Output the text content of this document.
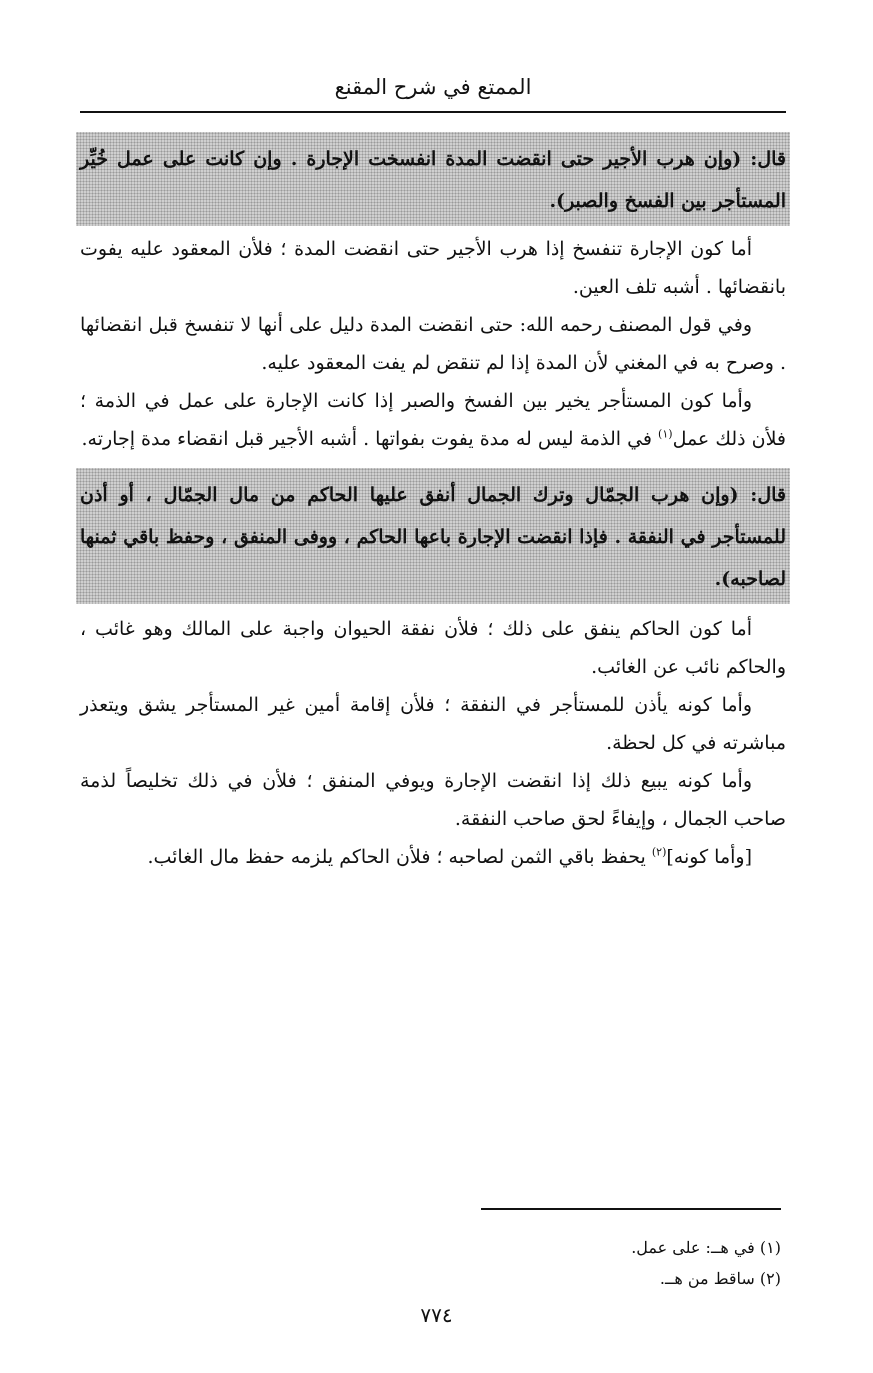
الممتع في شرح المقنع
قال: (وإن هرب الأجير حتى انقضت المدة انفسخت الإجارة . وإن كانت على عمل خُيِّر المستأجر بين الفسخ والصبر).

أما كون الإجارة تنفسخ إذا هرب الأجير حتى انقضت المدة ؛ فلأن المعقود عليه يفوت بانقضائها . أشبه تلف العين.

وفي قول المصنف رحمه الله: حتى انقضت المدة دليل على أنها لا تنفسخ قبل انقضائها . وصرح به في المغني لأن المدة إذا لم تنقض لم يفت المعقود عليه.

وأما كون المستأجر يخير بين الفسخ والصبر إذا كانت الإجارة على عمل في الذمة ؛ فلأن ذلك عمل$^{(١)}$ في الذمة ليس له مدة يفوت بفواتها . أشبه الأجير قبل انقضاء مدة إجارته.

قال: (وإن هرب الجمّال وترك الجمال أنفق عليها الحاكم من مال الجمّال ، أو أذن للمستأجر في النفقة . فإذا انقضت الإجارة باعها الحاكم ، ووفى المنفق ، وحفظ باقي ثمنها لصاحبه).

أما كون الحاكم ينفق على ذلك ؛ فلأن نفقة الحيوان واجبة على المالك وهو غائب ، والحاكم نائب عن الغائب.

وأما كونه يأذن للمستأجر في النفقة ؛ فلأن إقامة أمين غير المستأجر يشق ويتعذر مباشرته في كل لحظة.

وأما كونه يبيع ذلك إذا انقضت الإجارة ويوفي المنفق ؛ فلأن في ذلك تخليصاً لذمة صاحب الجمال ، وإيفاءً لحق صاحب النفقة.

[وأما كونه]$^{(٢)}$ يحفظ باقي الثمن لصاحبه ؛ فلأن الحاكم يلزمه حفظ مال الغائب.

(١) في هــ: على عمل.
(٢) ساقط من هــ.
٧٧٤
